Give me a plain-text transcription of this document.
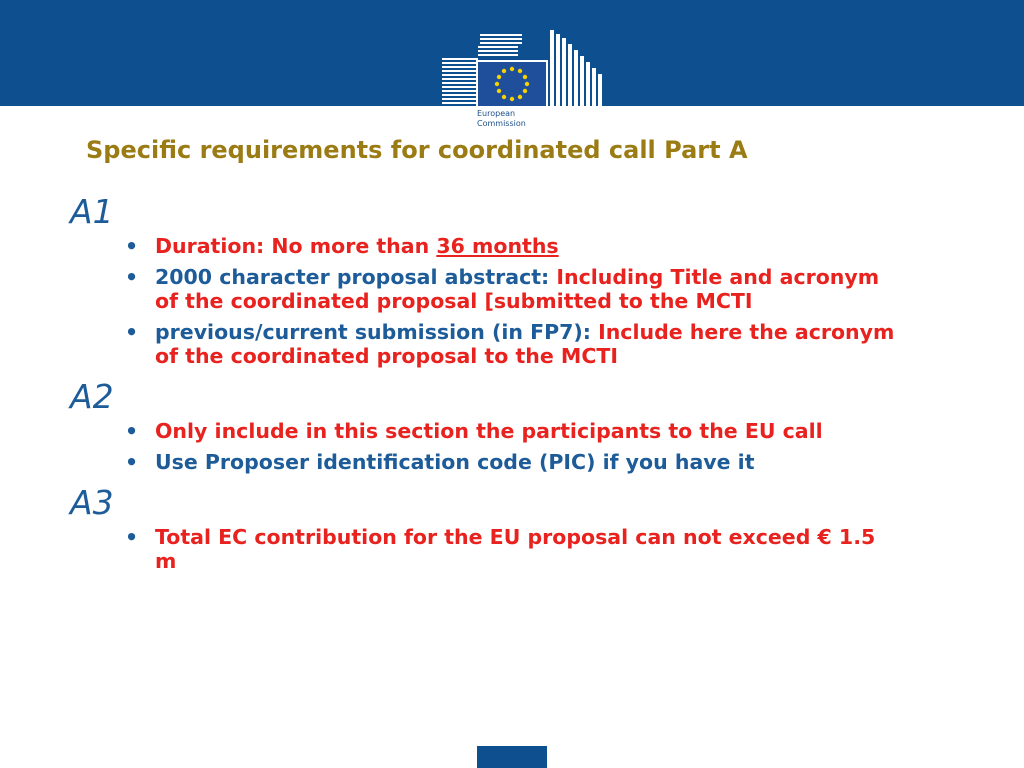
European
Commission
Specific requirements for coordinated call Part A
A1
• Duration: No more than 36 months
• 2000 character proposal abstract: Including Title and acronym of the coordinated proposal [submitted to the MCTI
• previous/current submission (in FP7): Include here the acronym of the coordinated proposal to the MCTI
A2
• Only include in this section the participants to the EU call
• Use Proposer identification code (PIC) if you have it
A3
• Total EC contribution for the EU proposal can not exceed € 1.5 m
